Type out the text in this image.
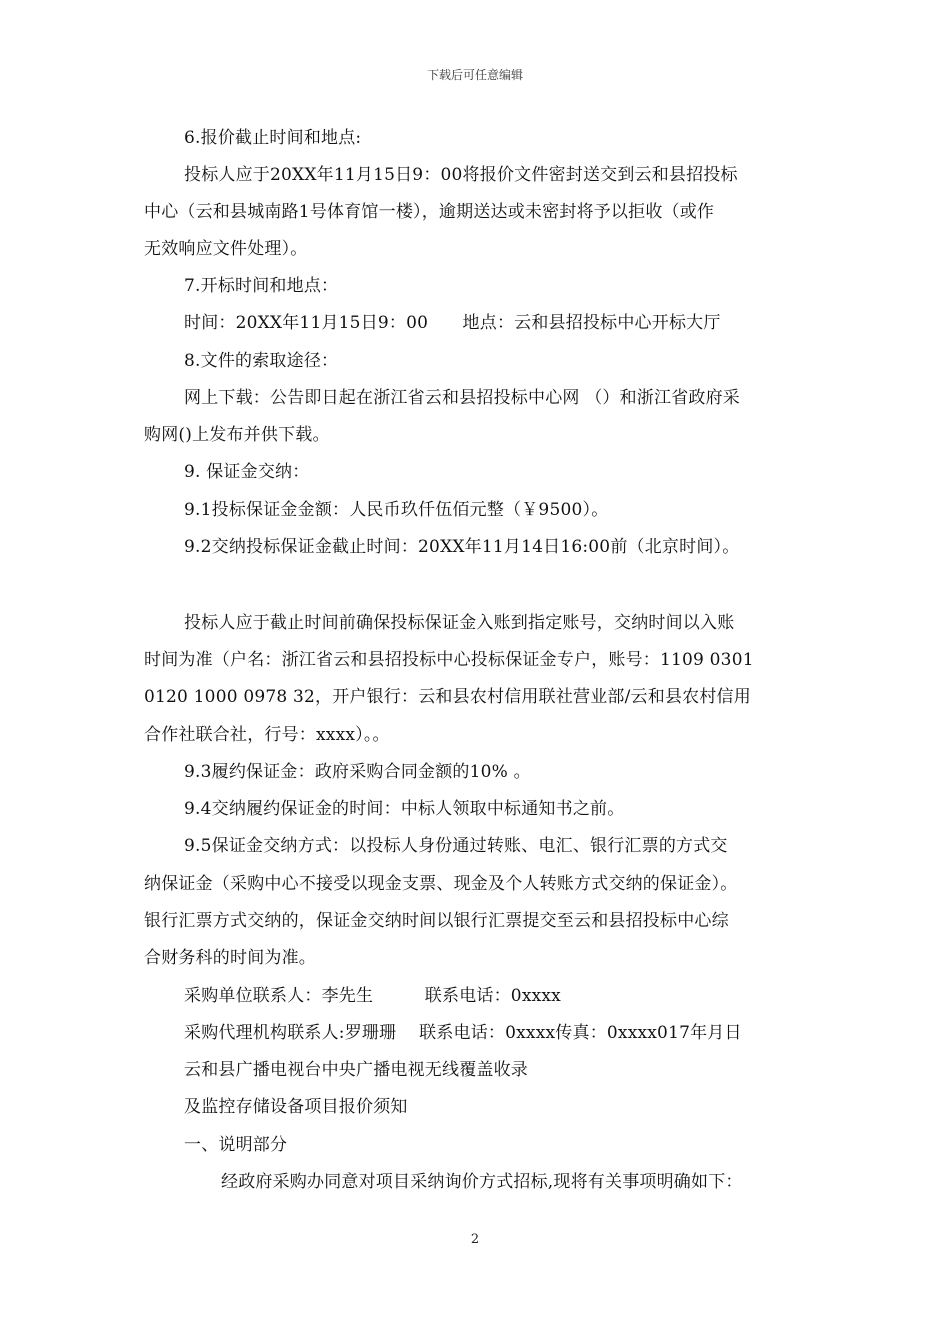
下载后可任意编辑
6.报价截止时间和地点:
投标人应于20XX年11月15日9：00将报价文件密封送交到云和县招投标
中心（云和县城南路1号体育馆一楼），逾期送达或未密封将予以拒收（或作
无效响应文件处理）。
7.开标时间和地点：
时间：20XX年11月15日9：00　　地点：云和县招投标中心开标大厅
8.文件的索取途径：
网上下载：公告即日起在浙江省云和县招投标中心网 （）和浙江省政府采
购网()上发布并供下载。
9. 保证金交纳：
9.1投标保证金金额：人民币玖仟伍佰元整（￥9500）。
9.2交纳投标保证金截止时间：20XX年11月14日16:00前（北京时间）。
投标人应于截止时间前确保投标保证金入账到指定账号，交纳时间以入账
时间为准（户名：浙江省云和县招投标中心投标保证金专户，账号：1109 0301
0120 1000 0978 32，开户银行：云和县农村信用联社营业部/云和县农村信用
合作社联合社，行号：xxxx）。。
9.3履约保证金：政府采购合同金额的10% 。
9.4交纳履约保证金的时间：中标人领取中标通知书之前。
9.5保证金交纳方式：以投标人身份通过转账、电汇、银行汇票的方式交
纳保证金（采购中心不接受以现金支票、现金及个人转账方式交纳的保证金）。
银行汇票方式交纳的，保证金交纳时间以银行汇票提交至云和县招投标中心综
合财务科的时间为准。
采购单位联系人：李先生　　　联系电话：0xxxx
采购代理机构联系人:罗珊珊　 联系电话：0xxxx传真：0xxxx017年月日
云和县广播电视台中央广播电视无线覆盖收录
及监控存储设备项目报价须知
一、说明部分
经政府采购办同意对项目采纳询价方式招标,现将有关事项明确如下：
2
